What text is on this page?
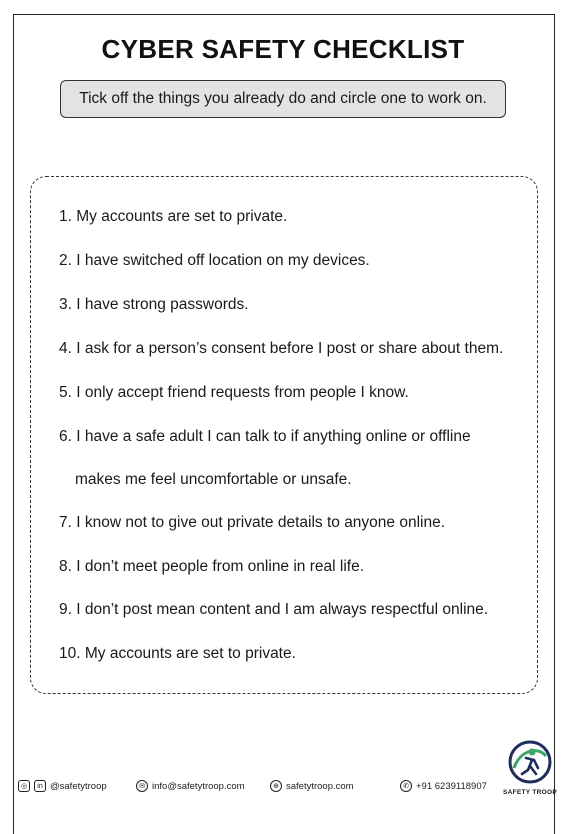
CYBER SAFETY CHECKLIST
Tick off the things you already do and circle one to work on.
1. My accounts are set to private.
2. I have switched off location on my devices.
3. I have strong passwords.
4. I ask for a person’s consent before I post or share about them.
5. I only accept friend requests from people I know.
6. I have a safe adult I can talk to if anything online or offline
makes me feel uncomfortable or unsafe.
7. I know not to give out private details to anyone online.
8. I don’t meet people from online in real life.
9. I don’t post mean content and I am always respectful online.
10. My accounts are set to private.
SAFETY TROOP
◎	in @safetytroop	✉ info@safetytroop.com	⊕ safetytroop.com	✆ +91 6239118907
